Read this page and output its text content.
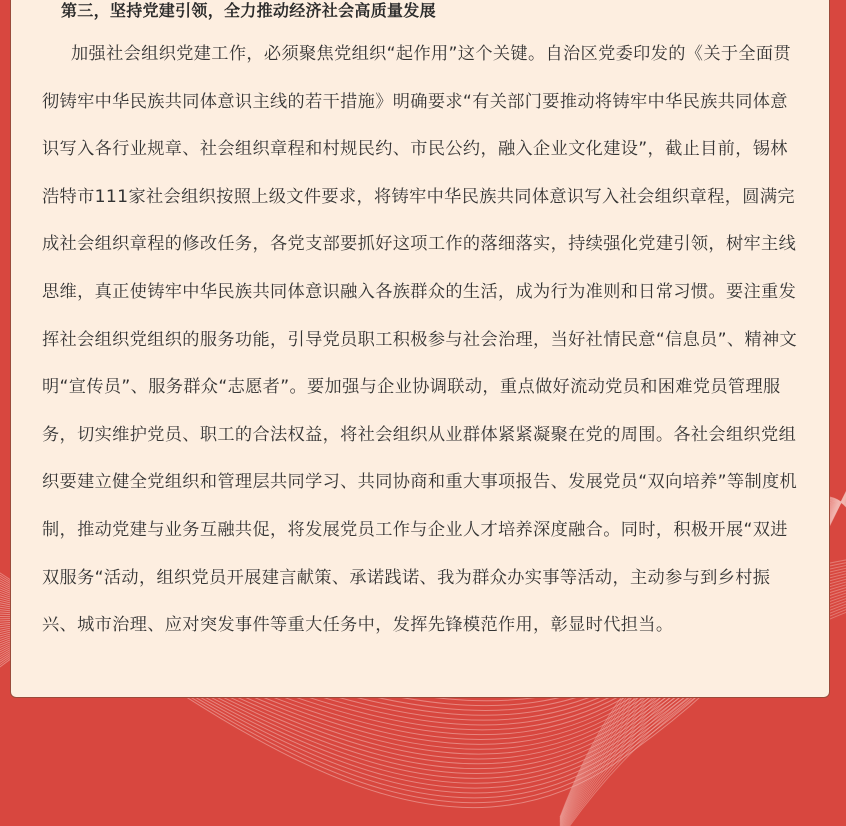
第三，坚持党建引领，全力推动经济社会高质量发展
加强社会组织党建工作，必须聚焦党组织“起作用”这个关键。自治区党委印发的《关于全面贯
彻铸牢中华民族共同体意识主线的若干措施》明确要求“有关部门要推动将铸牢中华民族共同体意
识写入各行业规章、社会组织章程和村规民约、市民公约，融入企业文化建设”，截止目前，锡林
浩特市111家社会组织按照上级文件要求，将铸牢中华民族共同体意识写入社会组织章程，圆满完
成社会组织章程的修改任务，各党支部要抓好这项工作的落细落实，持续强化党建引领，树牢主线
思维，真正使铸牢中华民族共同体意识融入各族群众的生活，成为行为准则和日常习惯。要注重发
挥社会组织党组织的服务功能，引导党员职工积极参与社会治理，当好社情民意“信息员”、精神文
明“宣传员”、服务群众“志愿者”。要加强与企业协调联动，重点做好流动党员和困难党员管理服
务，切实维护党员、职工的合法权益，将社会组织从业群体紧紧凝聚在党的周围。各社会组织党组
织要建立健全党组织和管理层共同学习、共同协商和重大事项报告、发展党员“双向培养”等制度机
制，推动党建与业务互融共促，将发展党员工作与企业人才培养深度融合。同时，积极开展“双进
双服务“活动，组织党员开展建言献策、承诺践诺、我为群众办实事等活动，主动参与到乡村振
兴、城市治理、应对突发事件等重大任务中，发挥先锋模范作用，彰显时代担当。
